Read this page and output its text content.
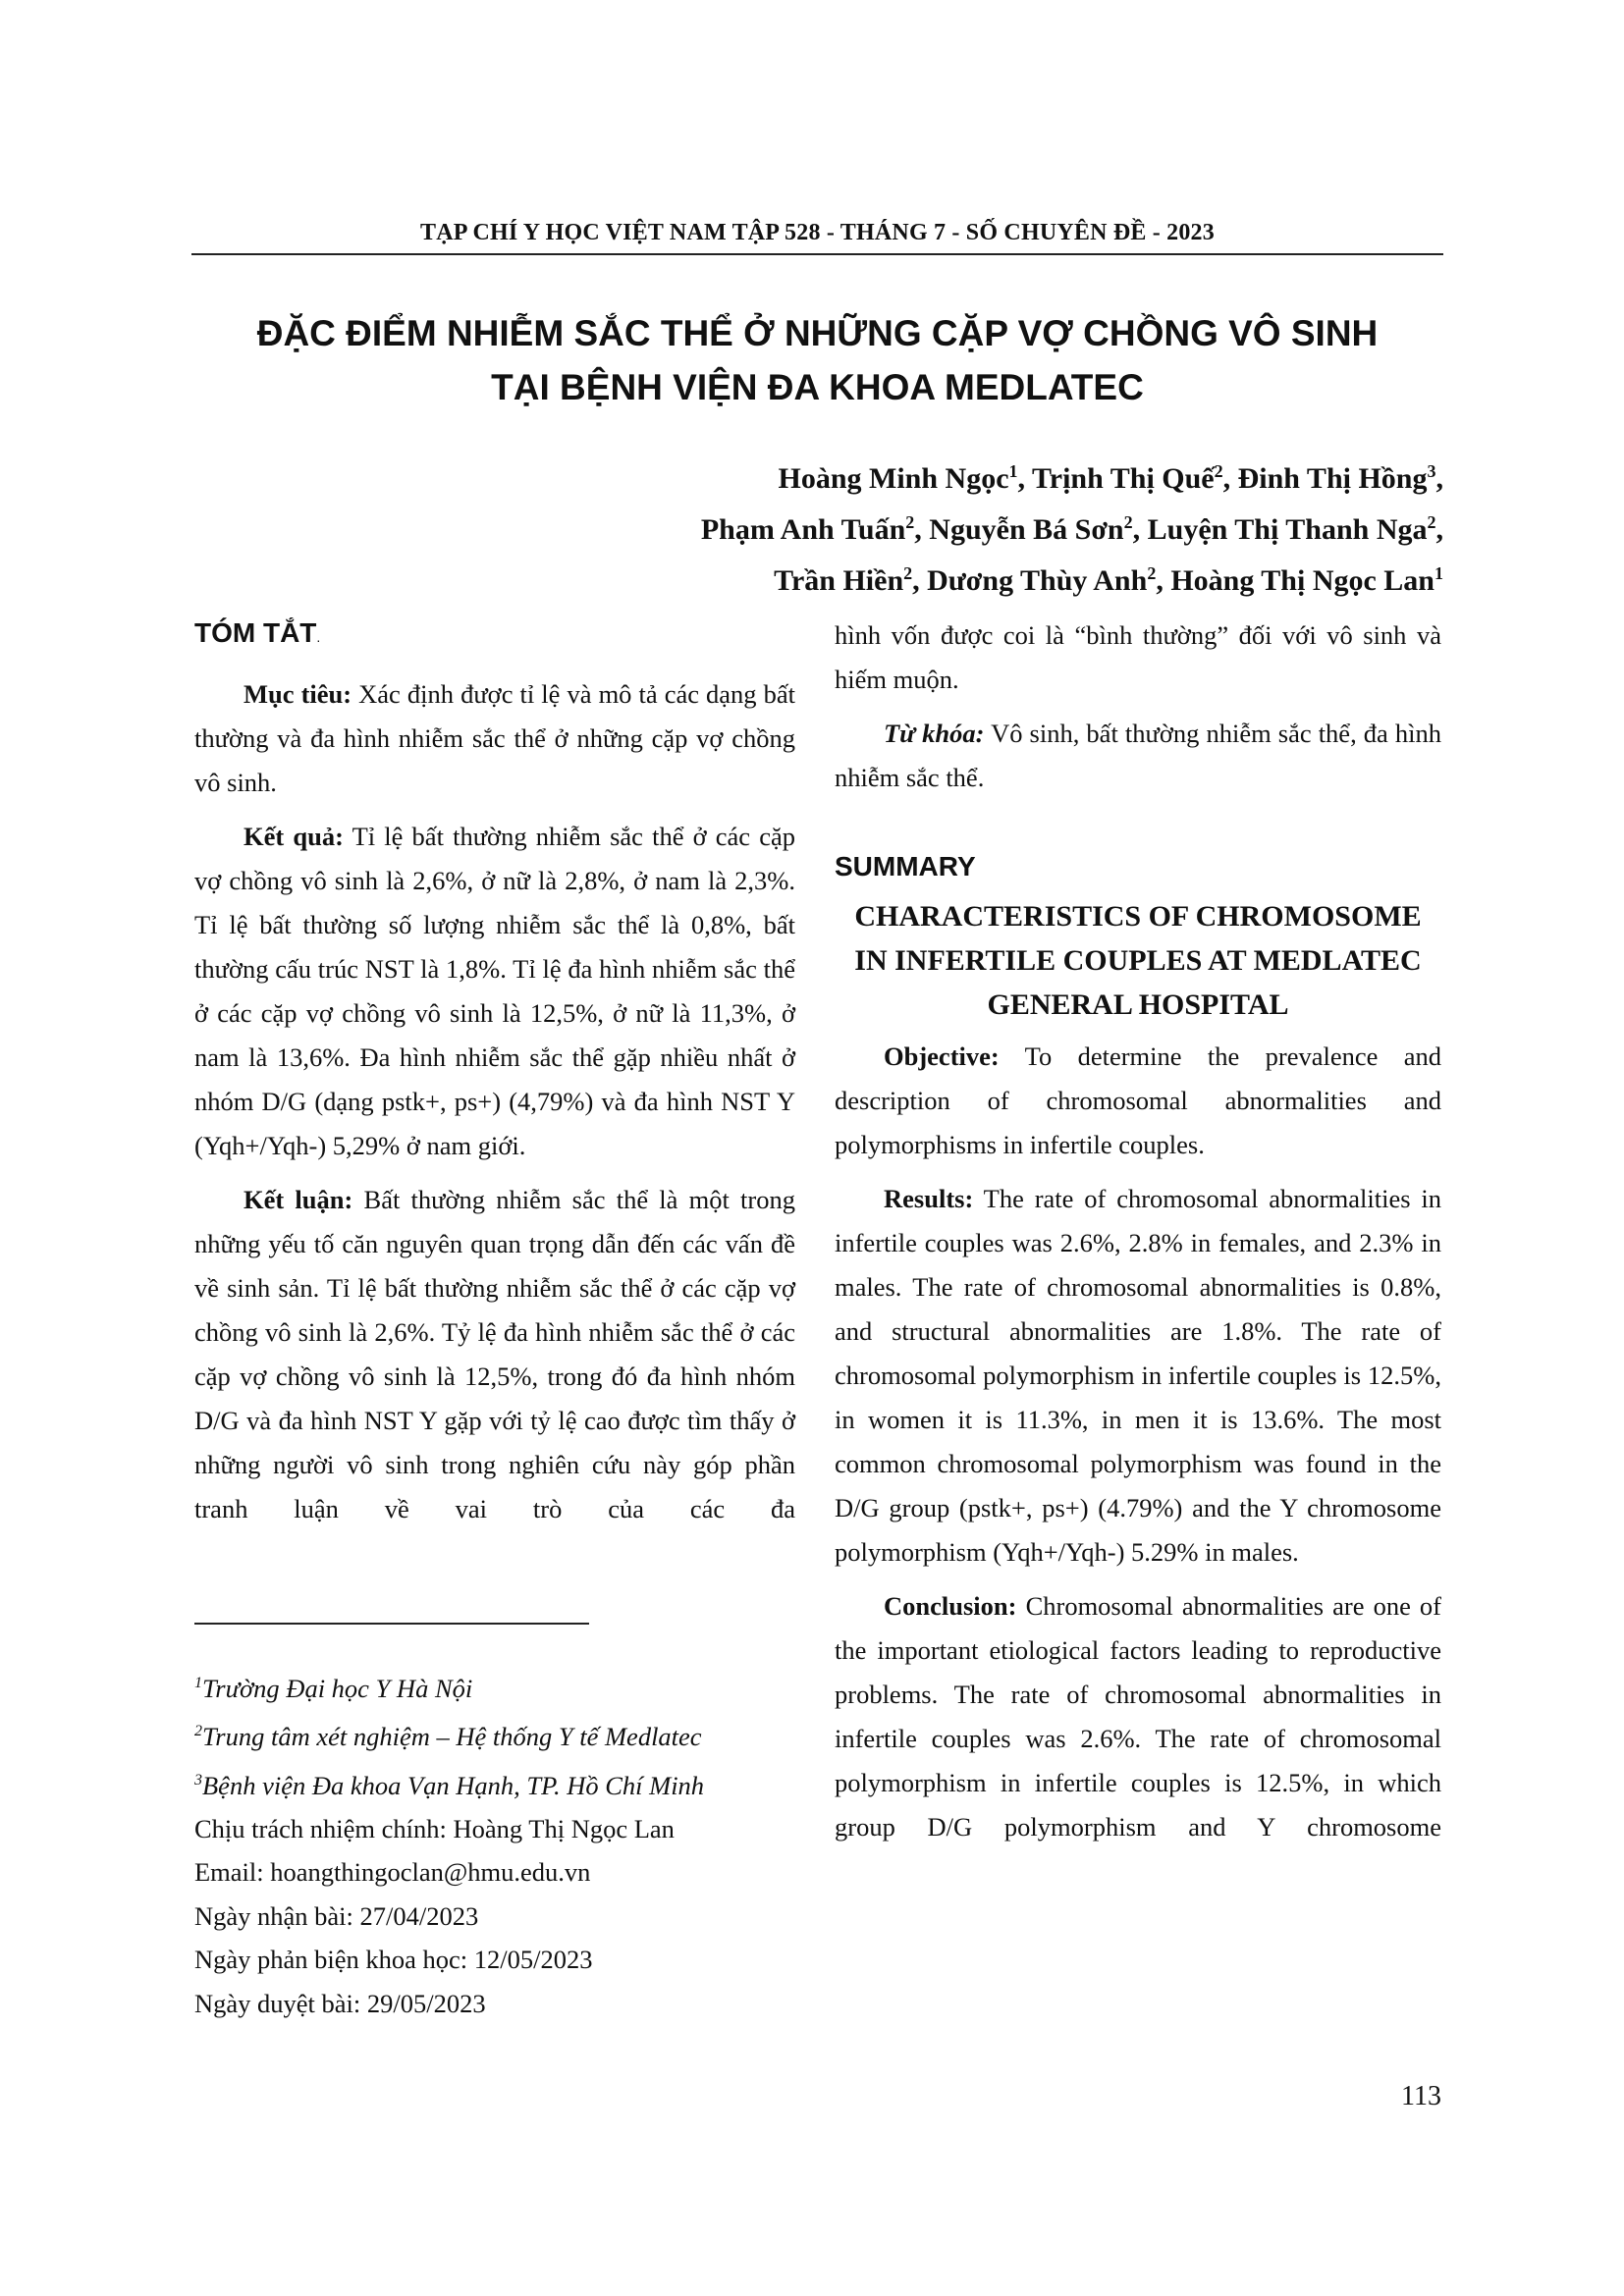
TẠP CHÍ Y HỌC VIỆT NAM TẬP 528 - THÁNG 7 - SỐ CHUYÊN ĐỀ - 2023
ĐẶC ĐIỂM NHIỄM SẮC THỂ Ở NHỮNG CẶP VỢ CHỒNG VÔ SINH
TẠI BỆNH VIỆN ĐA KHOA MEDLATEC
Hoàng Minh Ngọc$^1$, Trịnh Thị Quế$^2$, Đinh Thị Hồng$^3$,
Phạm Anh Tuấn$^2$, Nguyễn Bá Sơn$^2$, Luyện Thị Thanh Nga$^2$,
Trần Hiền$^2$, Dương Thùy Anh$^2$, Hoàng Thị Ngọc Lan$^1$
TÓM TẮT.

Mục tiêu: Xác định được tỉ lệ và mô tả các dạng bất thường và đa hình nhiễm sắc thể ở những cặp vợ chồng vô sinh.

Kết quả: Tỉ lệ bất thường nhiễm sắc thể ở các cặp vợ chồng vô sinh là 2,6%, ở nữ là 2,8%, ở nam là 2,3%. Tỉ lệ bất thường số lượng nhiễm sắc thể là 0,8%, bất thường cấu trúc NST là 1,8%. Tỉ lệ đa hình nhiễm sắc thể ở các cặp vợ chồng vô sinh là 12,5%, ở nữ là 11,3%, ở nam là 13,6%. Đa hình nhiễm sắc thể gặp nhiều nhất ở nhóm D/G (dạng pstk+, ps+) (4,79%) và đa hình NST Y (Yqh+/Yqh-) 5,29% ở nam giới.

Kết luận: Bất thường nhiễm sắc thể là một trong những yếu tố căn nguyên quan trọng dẫn đến các vấn đề về sinh sản. Tỉ lệ bất thường nhiễm sắc thể ở các cặp vợ chồng vô sinh là 2,6%. Tỷ lệ đa hình nhiễm sắc thể ở các cặp vợ chồng vô sinh là 12,5%, trong đó đa hình nhóm D/G và đa hình NST Y gặp với tỷ lệ cao được tìm thấy ở những người vô sinh trong nghiên cứu này góp phần tranh luận về vai trò của các đa

$^1$Trường Đại học Y Hà Nội
$^2$Trung tâm xét nghiệm – Hệ thống Y tế Medlatec
$^3$Bệnh viện Đa khoa Vạn Hạnh, TP. Hồ Chí Minh
Chịu trách nhiệm chính: Hoàng Thị Ngọc Lan
Email: hoangthingoclan@hmu.edu.vn
Ngày nhận bài: 27/04/2023
Ngày phản biện khoa học: 12/05/2023
Ngày duyệt bài: 29/05/2023

hình vốn được coi là “bình thường” đối với vô sinh và hiếm muộn.

Từ khóa: Vô sinh, bất thường nhiễm sắc thể, đa hình nhiễm sắc thể.

SUMMARY
CHARACTERISTICS OF CHROMOSOME IN INFERTILE COUPLES AT MEDLATEC GENERAL HOSPITAL

Objective: To determine the prevalence and description of chromosomal abnormalities and polymorphisms in infertile couples.

Results: The rate of chromosomal abnormalities in infertile couples was 2.6%, 2.8% in females, and 2.3% in males. The rate of chromosomal abnormalities is 0.8%, and structural abnormalities are 1.8%. The rate of chromosomal polymorphism in infertile couples is 12.5%, in women it is 11.3%, in men it is 13.6%. The most common chromosomal polymorphism was found in the D/G group (pstk+, ps+) (4.79%) and the Y chromosome polymorphism (Yqh+/Yqh-) 5.29% in males.

Conclusion: Chromosomal abnormalities are one of the important etiological factors leading to reproductive problems. The rate of chromosomal abnormalities in infertile couples was 2.6%. The rate of chromosomal polymorphism in infertile couples is 12.5%, in which group D/G polymorphism and Y chromosome

113
